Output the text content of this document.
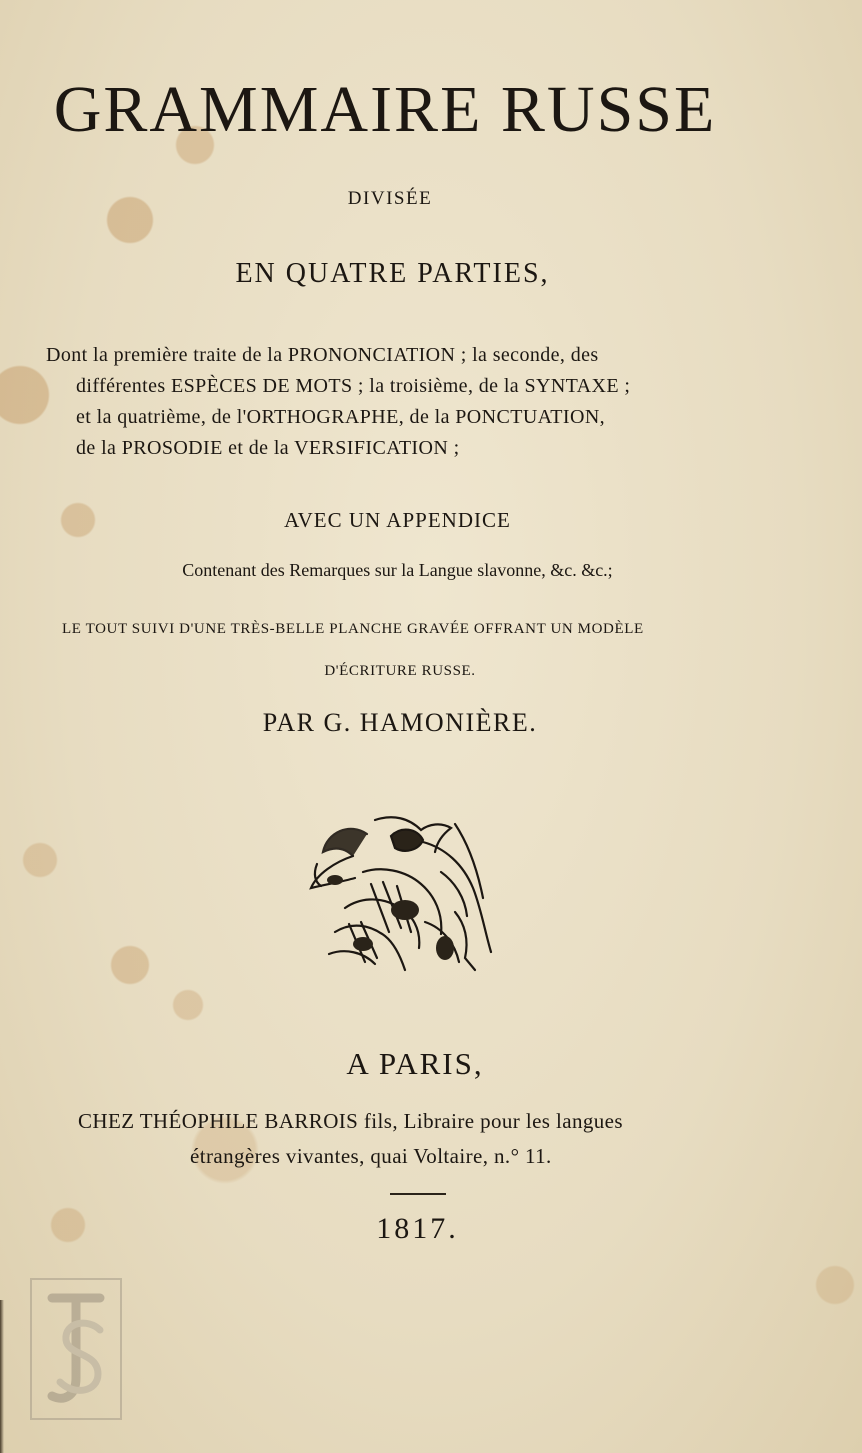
GRAMMAIRE RUSSE
DIVISÉE
EN QUATRE PARTIES,
Dont la première traite de la PRONONCIATION ; la seconde, des
différentes ESPÈCES DE MOTS ; la troisième, de la SYNTAXE ;
et la quatrième, de l'ORTHOGRAPHE, de la PONCTUATION,
de la PROSODIE et de la VERSIFICATION ;
AVEC UN APPENDICE
Contenant des Remarques sur la Langue slavonne, &c. &c.;
LE TOUT SUIVI D'UNE TRÈS-BELLE PLANCHE GRAVÉE OFFRANT UN MODÈLE
D'ÉCRITURE RUSSE.
PAR G. HAMONIÈRE.
A PARIS,
CHEZ THÉOPHILE BARROIS fils, Libraire pour les langues
étrangères vivantes, quai Voltaire, n.° 11.
1817.
